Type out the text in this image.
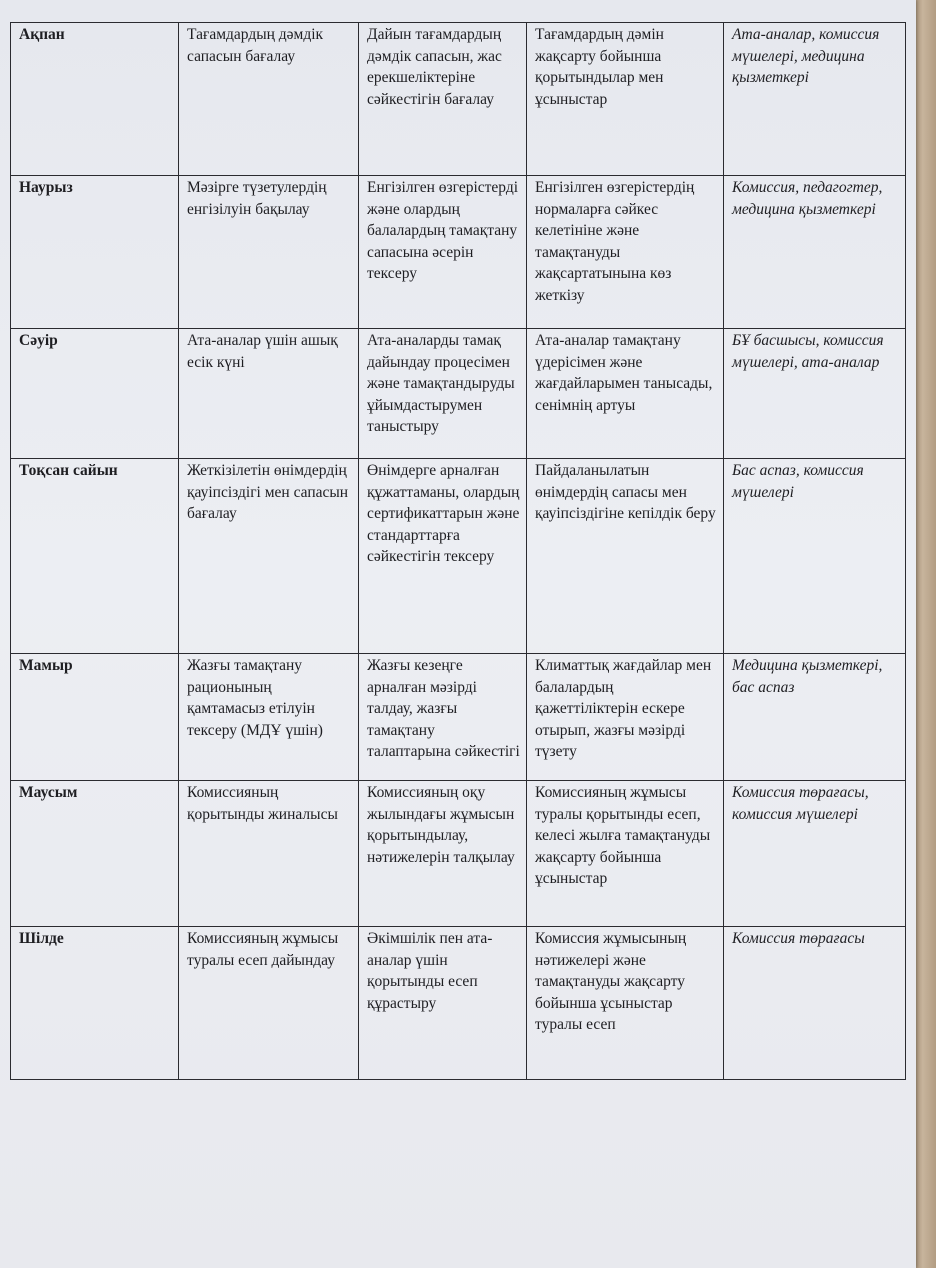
Ақпан	Тағамдардың дәмдік сапасын бағалау	Дайын тағамдардың дәмдік сапасын, жас ерекшеліктеріне сәйкестігін бағалау	Тағамдардың дәмін жақсарту бойынша қорытындылар мен ұсыныстар	Ата-аналар, комиссия мүшелері, медицина қызметкері
Наурыз	Мәзірге түзетулердің енгізілуін бақылау	Енгізілген өзгерістерді және олардың балалардың тамақтану сапасына әсерін тексеру	Енгізілген өзгерістердің нормаларға сәйкес келетініне және тамақтануды жақсартатынына көз жеткізу	Комиссия, педагогтер, медицина қызметкері
Сәуір	Ата-аналар үшін ашық есік күні	Ата-аналарды тамақ дайындау процесімен және тамақтандыруды ұйымдастырумен таныстыру	Ата-аналар тамақтану үдерісімен және жағдайларымен танысады, сенімнің артуы	БҰ басшысы, комиссия мүшелері, ата-аналар
Тоқсан сайын	Жеткізілетін өнімдердің қауіпсіздігі мен сапасын бағалау	Өнімдерге арналған құжаттаманы, олардың сертификаттарын және стандарттарға сәйкестігін тексеру	Пайдаланылатын өнімдердің сапасы мен қауіпсіздігіне кепілдік беру	Бас аспаз, комиссия мүшелері
Мамыр	Жазғы тамақтану рационының қамтамасыз етілуін тексеру (МДҰ үшін)	Жазғы кезеңге арналған мәзірді талдау, жазғы тамақтану талаптарына сәйкестігі	Климаттық жағдайлар мен балалардың қажеттіліктерін ескере отырып, жазғы мәзірді түзету	Медицина қызметкері, бас аспаз
Маусым	Комиссияның қорытынды жиналысы	Комиссияның оқу жылындағы жұмысын қорытындылау, нәтижелерін талқылау	Комиссияның жұмысы туралы қорытынды есеп, келесі жылға тамақтануды жақсарту бойынша ұсыныстар	Комиссия төрағасы, комиссия мүшелері
Шілде	Комиссияның жұмысы туралы есеп дайындау	Әкімшілік пен ата-аналар үшін қорытынды есеп құрастыру	Комиссия жұмысының нәтижелері және тамақтануды жақсарту бойынша ұсыныстар туралы есеп	Комиссия төрағасы
